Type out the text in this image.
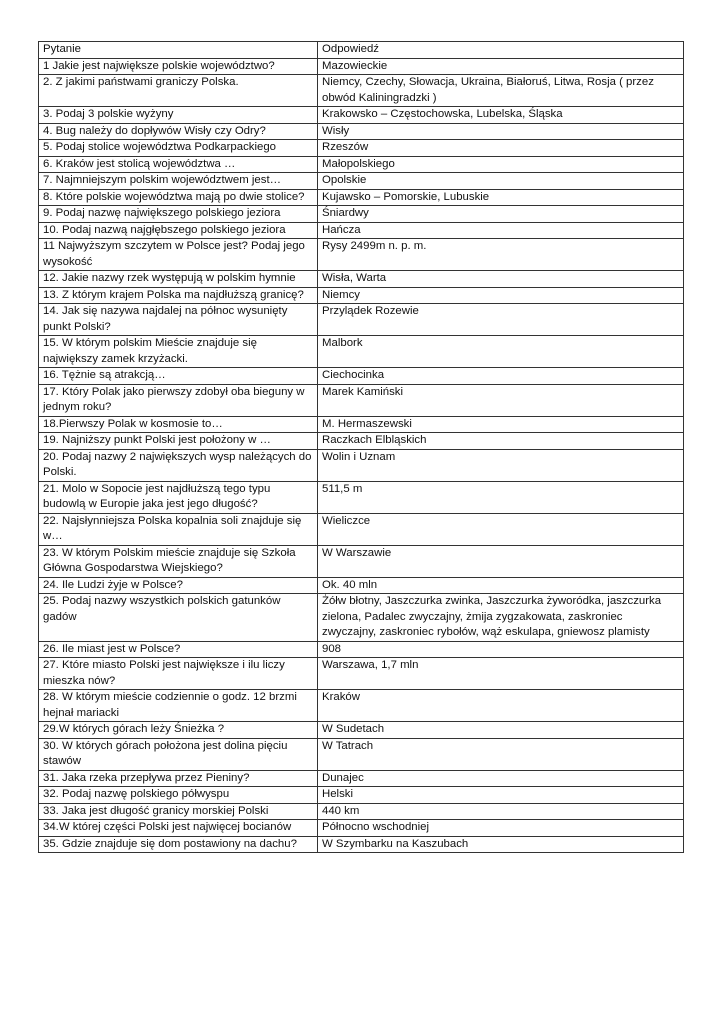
Pytanie	Odpowiedź
1 Jakie jest największe polskie województwo?	Mazowieckie
2. Z jakimi państwami graniczy Polska.	Niemcy, Czechy, Słowacja, Ukraina, Białoruś, Litwa, Rosja ( przez obwód Kaliningradzki )
3. Podaj 3 polskie wyżyny	Krakowsko – Częstochowska, Lubelska, Śląska
4. Bug należy do dopływów Wisły czy Odry?	Wisły
5. Podaj stolice województwa Podkarpackiego	Rzeszów
6. Kraków jest stolicą województwa …	Małopolskiego
7. Najmniejszym polskim województwem jest…	Opolskie
8. Które polskie województwa mają po dwie stolice?	Kujawsko – Pomorskie, Lubuskie
9. Podaj nazwę największego polskiego jeziora	Śniardwy
10. Podaj nazwą najgłębszego polskiego jeziora	Hańcza
11 Najwyższym szczytem w Polsce jest? Podaj jego wysokość	Rysy 2499m n. p. m.
12. Jakie nazwy rzek występują w polskim hymnie	Wisła, Warta
13. Z którym krajem Polska ma najdłuższą granicę?	Niemcy
14. Jak się nazywa najdalej na północ wysunięty punkt Polski?	Przylądek Rozewie
15. W którym polskim Mieście znajduje się największy zamek krzyżacki.	Malbork
16. Tężnie są atrakcją…	Ciechocinka
17. Który Polak jako pierwszy zdobył oba bieguny w jednym roku?	Marek Kamiński
18.Pierwszy Polak w kosmosie to…	M. Hermaszewski
19. Najniższy punkt Polski jest położony w …	Raczkach Elbląskich
20. Podaj nazwy 2 największych wysp należących do Polski.	Wolin i Uznam
21. Molo w Sopocie jest najdłuższą tego typu budowlą w Europie jaka jest jego długość?	511,5 m
22. Najsłynniejsza Polska kopalnia soli znajduje się w…	Wieliczce
23. W którym Polskim mieście znajduje się Szkoła Główna Gospodarstwa Wiejskiego?	W Warszawie
24. Ile Ludzi żyje w Polsce?	Ok. 40 mln
25. Podaj nazwy wszystkich polskich gatunków gadów	Żółw błotny, Jaszczurka zwinka, Jaszczurka żyworódka, jaszczurka zielona, Padalec zwyczajny, żmija zygzakowata, zaskroniec zwyczajny, zaskroniec rybołów, wąż eskulapa, gniewosz plamisty
26. Ile miast jest w Polsce?	908
27. Które miasto Polski jest największe i ilu liczy mieszka nów?	Warszawa, 1,7 mln
28. W którym mieście codziennie o godz. 12 brzmi hejnał mariacki	Kraków
29.W których górach leży Śnieżka ?	W Sudetach
30. W których górach położona jest dolina pięciu stawów	W Tatrach
31. Jaka rzeka przepływa przez Pieniny?	Dunajec
32. Podaj nazwę polskiego półwyspu	Helski
33. Jaka jest długość granicy morskiej Polski	440 km
34.W której części Polski jest najwięcej bocianów	Północno wschodniej
35. Gdzie znajduje się dom postawiony na dachu?	W Szymbarku na Kaszubach
